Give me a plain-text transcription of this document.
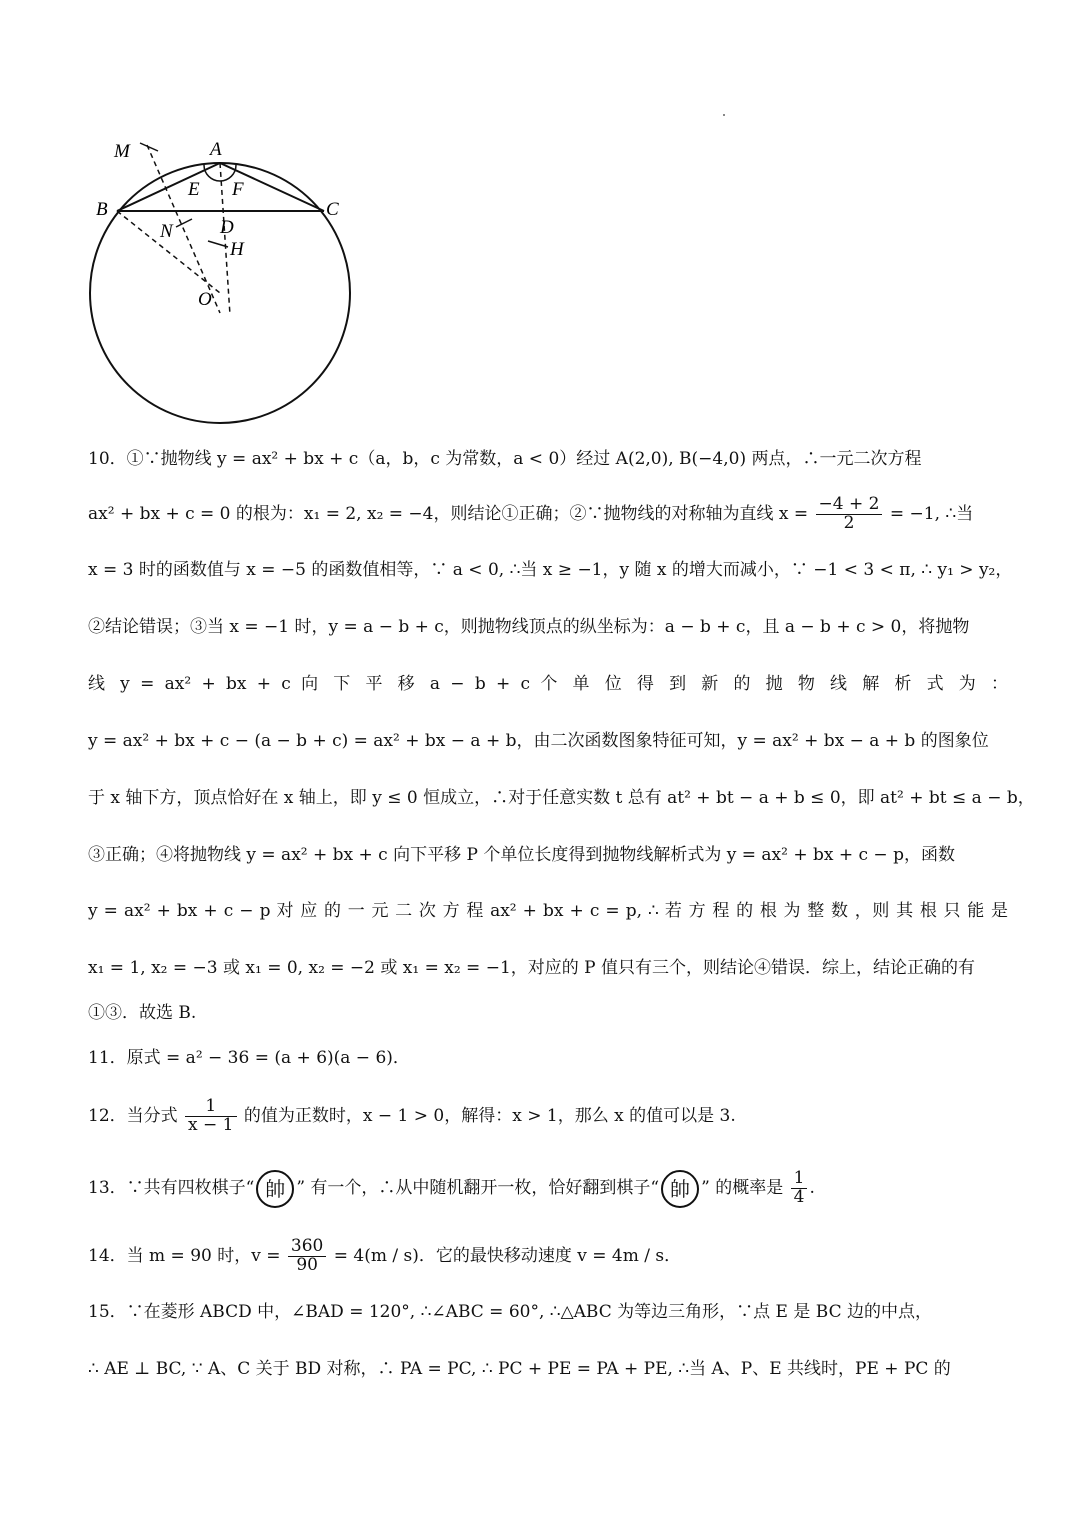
M	A
E F
B	C
N D
H
O
10．①∵抛物线 y = ax² + bx + c（a，b，c 为常数，a < 0）经过 A(2,0), B(−4,0) 两点，∴一元二次方程
ax² + bx + c = 0 的根为：x₁ = 2, x₂ = −4，则结论①正确；②∵抛物线的对称轴为直线 $x = \frac{-4 + 2}{2} = -1$, ∴当
x = 3 时的函数值与 x = −5 的函数值相等，∵ a < 0, ∴当 x ≥ −1，y 随 x 的增大而减小，∵ −1 < 3 < π, ∴ y₁ > y₂，
②结论错误；③当 x = −1 时，y = a − b + c，则抛物线顶点的纵坐标为：a − b + c，且 a − b + c > 0，将抛物
线 y = ax² + bx + c 向 下 平 移 a − b + c 个 单 位 得 到 新 的 抛 物 线 解 析 式 为 ：
y = ax² + bx + c − (a − b + c) = ax² + bx − a + b，由二次函数图象特征可知，y = ax² + bx − a + b 的图象位
于 x 轴下方，顶点恰好在 x 轴上，即 y ≤ 0 恒成立，∴对于任意实数 t 总有 at² + bt − a + b ≤ 0，即 at² + bt ≤ a − b，
③正确；④将抛物线 y = ax² + bx + c 向下平移 P 个单位长度得到抛物线解析式为 y = ax² + bx + c − p，函数
y = ax² + bx + c − p 对 应 的 一 元 二 次 方 程 ax² + bx + c = p, ∴ 若 方 程 的 根 为 整 数 ，则 其 根 只 能 是
x₁ = 1, x₂ = −3 或 x₁ = 0, x₂ = −2 或 x₁ = x₂ = −1，对应的 P 值只有三个，则结论④错误．综上，结论正确的有
①③．故选 B.
11．原式 = a² − 36 = (a + 6)(a − 6)．
12．当分式 $\frac{1}{x - 1}$ 的值为正数时，x − 1 > 0，解得：x > 1，那么 x 的值可以是 3.
13．∵共有四枚棋子“ 帥 ” 有一个，∴从中随机翻开一枚，恰好翻到棋子“ 帥 ” 的概率是 $\frac{1}{4}$ .
14．当 m = 90 时，$v = \frac{360}{90} = 4(m / s)$．它的最快移动速度 v = 4m / s．
15．∵在菱形 ABCD 中，∠BAD = 120°, ∴∠ABC = 60°, ∴△ABC 为等边三角形，∵点 E 是 BC 边的中点，
∴ AE ⊥ BC, ∵ A、C 关于 BD 对称，∴ PA = PC, ∴ PC + PE = PA + PE, ∴当 A、P、E 共线时，PE + PC 的
